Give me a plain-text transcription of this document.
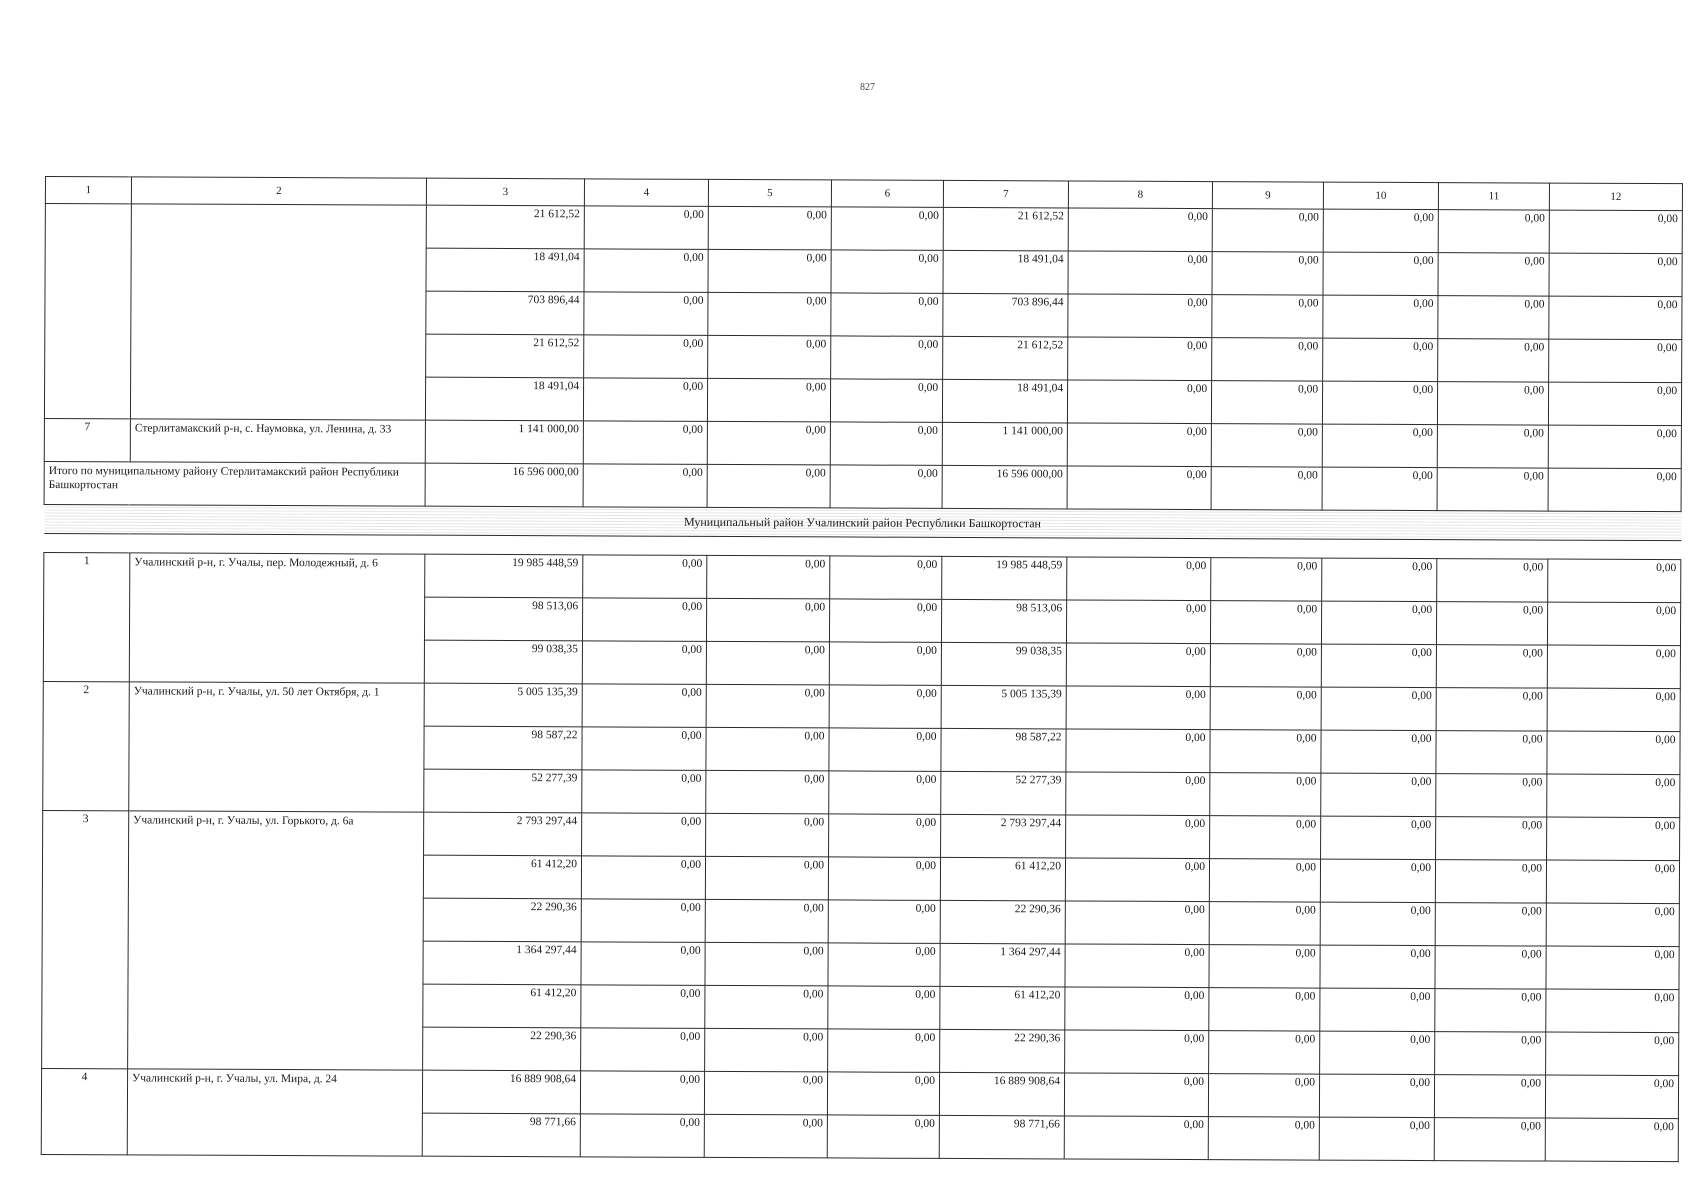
827
1	2	3	4	5	6	7	8	9	10	11	12
		21 612,52	0,00	0,00	0,00	21 612,52	0,00	0,00	0,00	0,00	0,00
		18 491,04	0,00	0,00	0,00	18 491,04	0,00	0,00	0,00	0,00	0,00
		703 896,44	0,00	0,00	0,00	703 896,44	0,00	0,00	0,00	0,00	0,00
		21 612,52	0,00	0,00	0,00	21 612,52	0,00	0,00	0,00	0,00	0,00
		18 491,04	0,00	0,00	0,00	18 491,04	0,00	0,00	0,00	0,00	0,00
7	Стерлитамакский р-н, с. Наумовка, ул. Ленина, д. 33	1 141 000,00	0,00	0,00	0,00	1 141 000,00	0,00	0,00	0,00	0,00	0,00
Итого по муниципальному району Стерлитамакский район Республики Башкортостан		16 596 000,00	0,00	0,00	0,00	16 596 000,00	0,00	0,00	0,00	0,00	0,00
Муниципальный район Учалинский район Республики Башкортостан											

1	Учалинский р-н, г. Учалы, пер. Молодежный, д. 6	19 985 448,59	0,00	0,00	0,00	19 985 448,59	0,00	0,00	0,00	0,00	0,00
		98 513,06	0,00	0,00	0,00	98 513,06	0,00	0,00	0,00	0,00	0,00
		99 038,35	0,00	0,00	0,00	99 038,35	0,00	0,00	0,00	0,00	0,00
2	Учалинский р-н, г. Учалы, ул. 50 лет Октября, д. 1	5 005 135,39	0,00	0,00	0,00	5 005 135,39	0,00	0,00	0,00	0,00	0,00
		98 587,22	0,00	0,00	0,00	98 587,22	0,00	0,00	0,00	0,00	0,00
		52 277,39	0,00	0,00	0,00	52 277,39	0,00	0,00	0,00	0,00	0,00
3	Учалинский р-н, г. Учалы, ул. Горького, д. 6а	2 793 297,44	0,00	0,00	0,00	2 793 297,44	0,00	0,00	0,00	0,00	0,00
		61 412,20	0,00	0,00	0,00	61 412,20	0,00	0,00	0,00	0,00	0,00
		22 290,36	0,00	0,00	0,00	22 290,36	0,00	0,00	0,00	0,00	0,00
		1 364 297,44	0,00	0,00	0,00	1 364 297,44	0,00	0,00	0,00	0,00	0,00
		61 412,20	0,00	0,00	0,00	61 412,20	0,00	0,00	0,00	0,00	0,00
		22 290,36	0,00	0,00	0,00	22 290,36	0,00	0,00	0,00	0,00	0,00
4	Учалинский р-н, г. Учалы, ул. Мира, д. 24	16 889 908,64	0,00	0,00	0,00	16 889 908,64	0,00	0,00	0,00	0,00	0,00
		98 771,66	0,00	0,00	0,00	98 771,66	0,00	0,00	0,00	0,00	0,00
